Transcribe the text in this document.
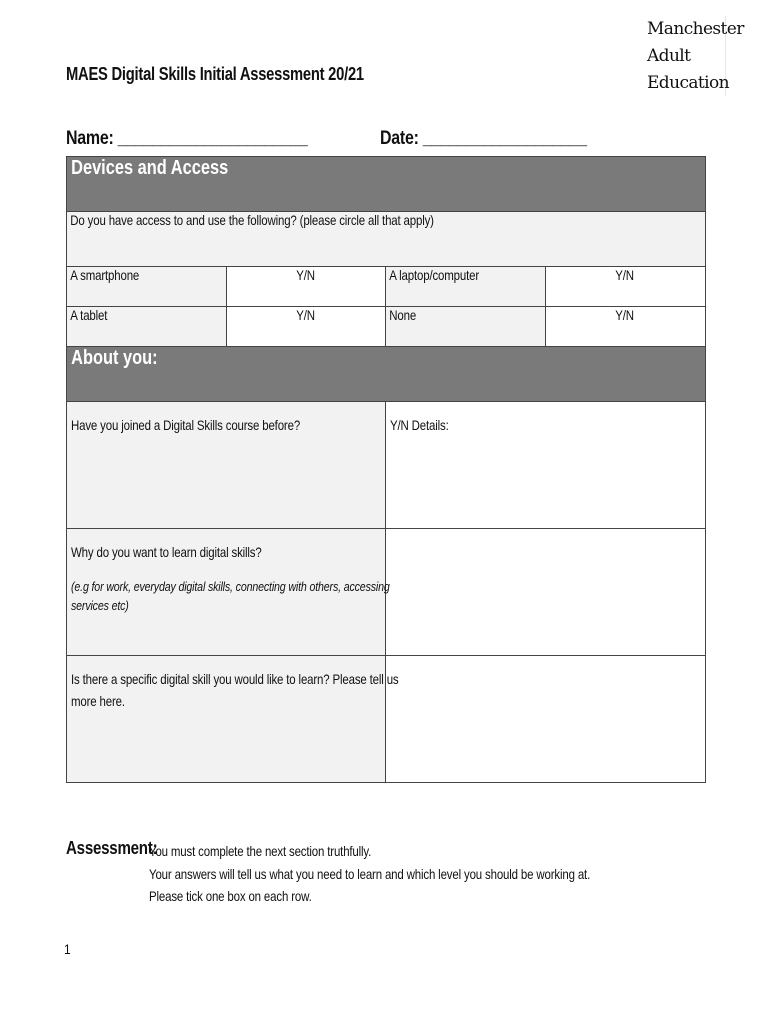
Manchester
Adult
Education
MAES Digital Skills Initial Assessment 20/21
Name: ______________________	Date: ___________________
Devices and Access			
Do you have access to and use the following? (please circle all that apply)			
A smartphone	Y/N	A laptop/computer	Y/N
A tablet	Y/N	None	Y/N
About you:			

Have you joined a Digital Skills course before?		Y/N Details:	

Why do you want to learn digital skills?
(e.g for work, everyday digital skills, connecting with others, accessing
services etc)			

Is there a specific digital skill you would like to learn? Please tell us
more here.			

Assessment:
You must complete the next section truthfully.
Your answers will tell us what you need to learn and which level you should be working at.
Please tick one box on each row.
1
